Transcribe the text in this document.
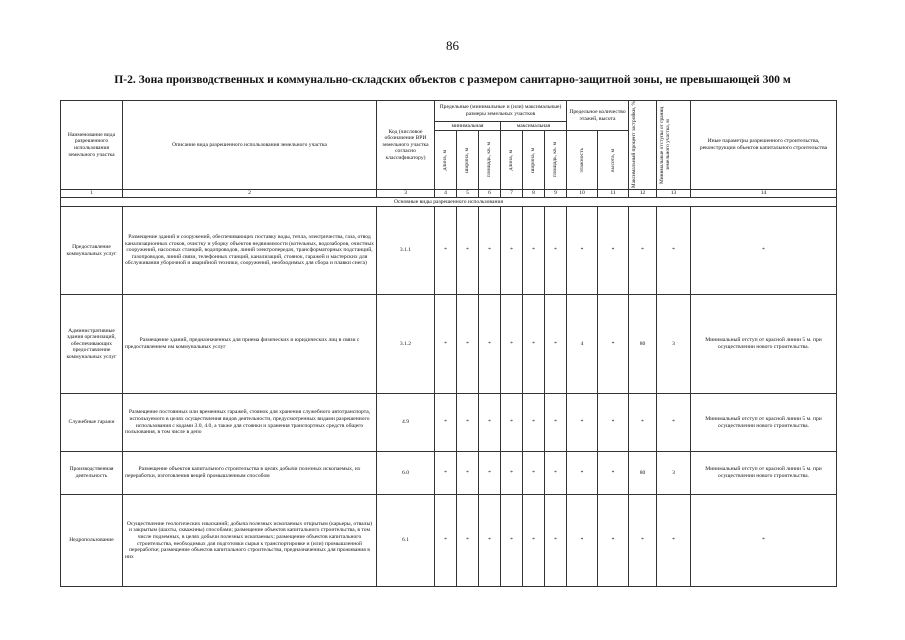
86
П-2. Зона производственных и коммунально-складских объектов с размером санитарно-защитной зоны, не превышающей 300 м
Наименование вида разрешенного использования земельного участка	Описание вида разрешенного использования земельного участка	Код (числовое обозначение ВРИ земельного участка согласно классификатору)	Предельные (минимальные и (или) максимальные) размеры земельных участков						Предельное количество этажей, высота		Максимальный процент застройки, %	Минимальные отступы от границ земельного участка, м	Иные параметры разрешенного строительства, реконструкции объектов капитального строительства
			минимальная			максимальная							

			длина, м	ширина, м	площадь, кв. м	длина, м	ширина, м	площадь, кв. м	этажность	высота, м			

1	2	3	4	5	6	7	8	9	10	11	12	13	14
Основные виды разрешенного использования													
Предоставление коммунальных услуг	Размещение зданий и сооружений, обеспечивающих поставку воды, тепла, электричества, газа, отвод канализационных стоков, очистку и уборку объектов недвижимости (котельных, водозаборов, очистных сооружений, насосных станций, водопроводов, линий электропередач, трансформаторных подстанций, газопроводов, линий связи, телефонных станций, канализаций, стоянок, гаражей и мастерских для обслуживания уборочной и аварийной техники, сооружений, необходимых для сбора и плавки снега)	3.1.1	*	*	*	*	*	*	*	*	*	*	*
Административные здания организаций, обеспечивающих предоставление коммунальных услуг	Размещение зданий, предназначенных для приема физических и юридических лиц в связи с предоставлением им коммунальных услуг	3.1.2	*	*	*	*	*	*	4	*	80	3	Минимальный отступ от красной линии 5 м. при осуществлении нового строительства.
Служебные гаражи	Размещение постоянных или временных гаражей, стоянок для хранения служебного автотранспорта, используемого в целях осуществления видов деятельности, предусмотренных видами разрешенного использования с кодами 3.0, 4.0, а также для стоянки и хранения транспортных средств общего пользования, в том числе в депо	4.9	*	*	*	*	*	*	*	*	*	*	Минимальный отступ от красной линии 5 м. при осуществлении нового строительства.
Производственная деятельность	Размещение объектов капитального строительства в целях добычи полезных ископаемых, их переработки, изготовления вещей промышленным способом	6.0	*	*	*	*	*	*	*	*	80	3	Минимальный отступ от красной линии 5 м. при осуществлении нового строительства.
Недропользование	Осуществление геологических изысканий; добыча полезных ископаемых открытым (карьеры, отвалы) и закрытым (шахты, скважины) способами; размещение объектов капитального строительства, в том числе подземных, в целях добычи полезных ископаемых; размещение объектов капитального строительства, необходимых для подготовки сырья к транспортировке и (или) промышленной переработке; размещение объектов капитального строительства, предназначенных для проживания в них	6.1	*	*	*	*	*	*	*	*	*	*	*
